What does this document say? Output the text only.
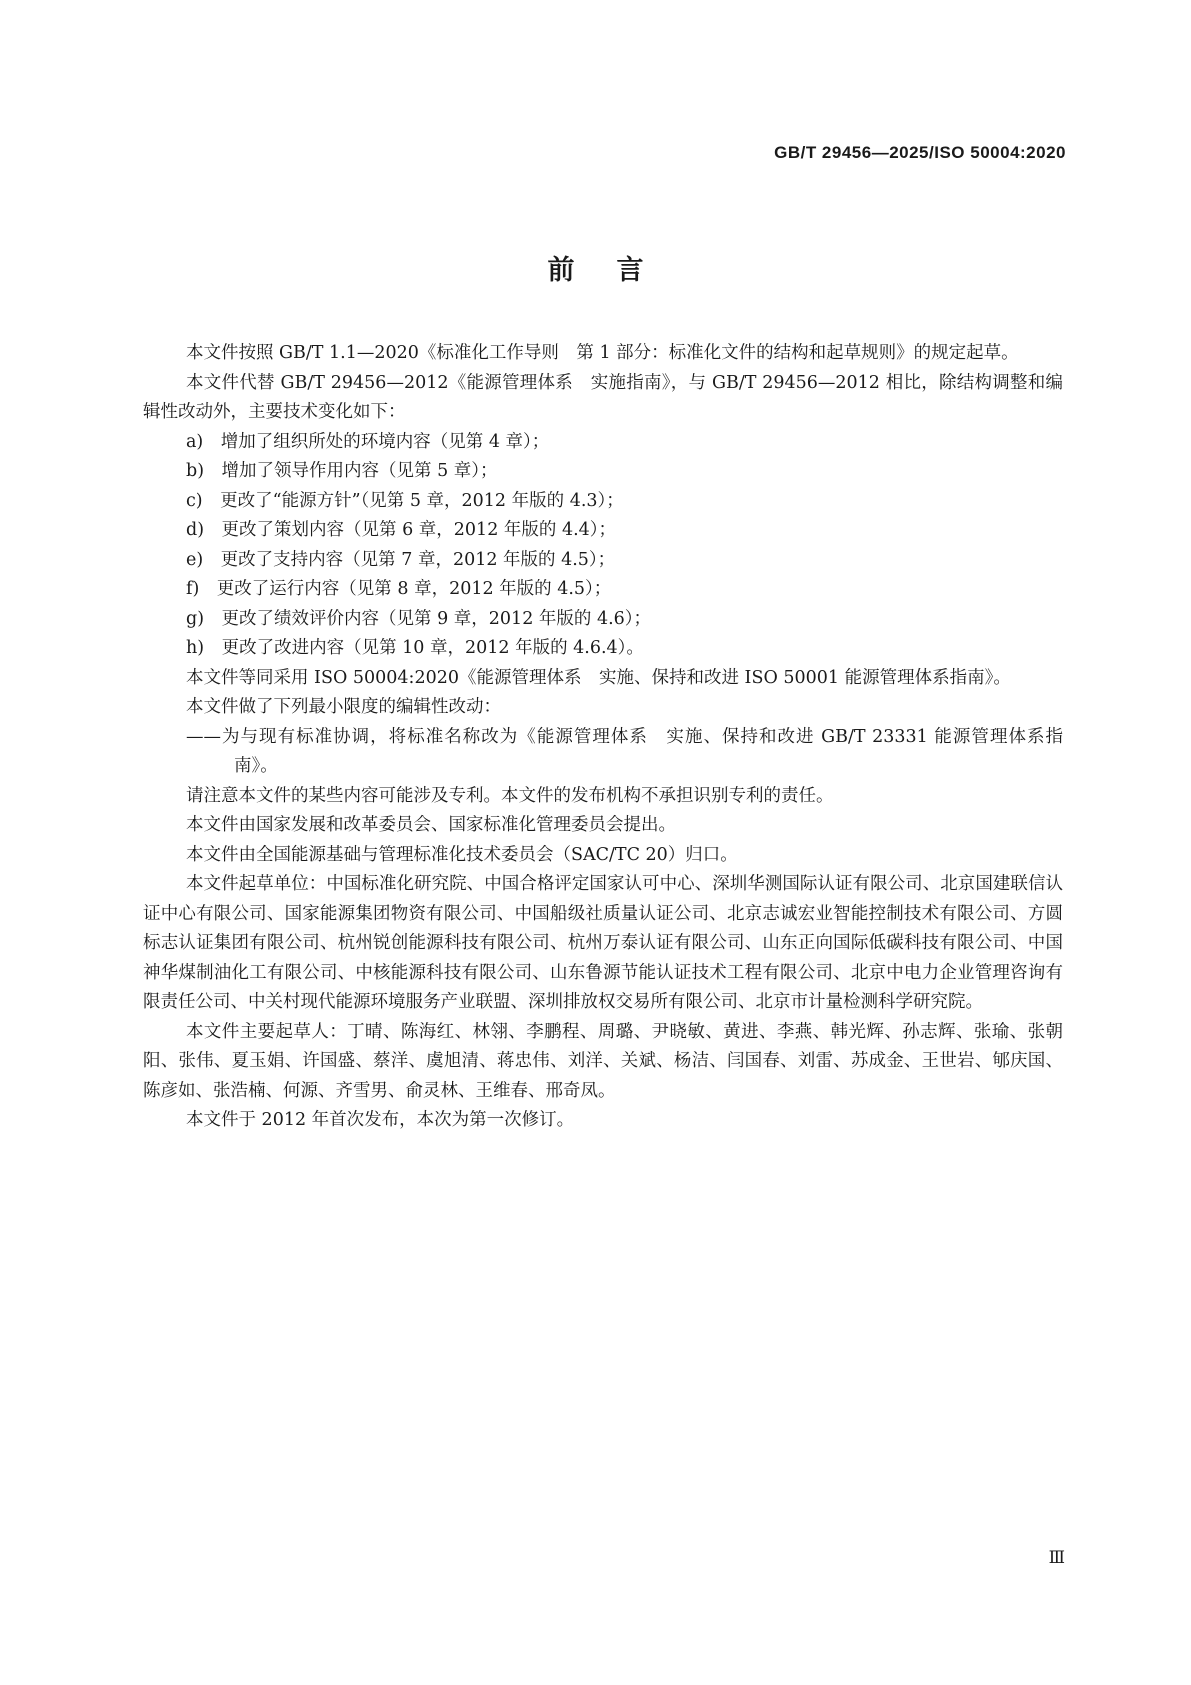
GB/T 29456—2025/ISO 50004:2020
前言

本文件按照 GB/T 1.1—2020《标准化工作导则　第 1 部分：标准化文件的结构和起草规则》的规定起草。

本文件代替 GB/T 29456—2012《能源管理体系　实施指南》，与 GB/T 29456—2012 相比，除结构调整和编辑性改动外，主要技术变化如下：

a)　增加了组织所处的环境内容（见第 4 章）；

b)　增加了领导作用内容（见第 5 章）；

c)　更改了“能源方针”（见第 5 章，2012 年版的 4.3）；

d)　更改了策划内容（见第 6 章，2012 年版的 4.4）；

e)　更改了支持内容（见第 7 章，2012 年版的 4.5）；

f)　更改了运行内容（见第 8 章，2012 年版的 4.5）；

g)　更改了绩效评价内容（见第 9 章，2012 年版的 4.6）；

h)　更改了改进内容（见第 10 章，2012 年版的 4.6.4）。

本文件等同采用 ISO 50004:2020《能源管理体系　实施、保持和改进 ISO 50001 能源管理体系指南》。

本文件做了下列最小限度的编辑性改动：

——为与现有标准协调，将标准名称改为《能源管理体系　实施、保持和改进 GB/T 23331 能源管理体系指南》。

请注意本文件的某些内容可能涉及专利。本文件的发布机构不承担识别专利的责任。

本文件由国家发展和改革委员会、国家标准化管理委员会提出。

本文件由全国能源基础与管理标准化技术委员会（SAC/TC 20）归口。

本文件起草单位：中国标准化研究院、中国合格评定国家认可中心、深圳华测国际认证有限公司、北京国建联信认证中心有限公司、国家能源集团物资有限公司、中国船级社质量认证公司、北京志诚宏业智能控制技术有限公司、方圆标志认证集团有限公司、杭州锐创能源科技有限公司、杭州万泰认证有限公司、山东正向国际低碳科技有限公司、中国神华煤制油化工有限公司、中核能源科技有限公司、山东鲁源节能认证技术工程有限公司、北京中电力企业管理咨询有限责任公司、中关村现代能源环境服务产业联盟、深圳排放权交易所有限公司、北京市计量检测科学研究院。

本文件主要起草人：丁晴、陈海红、林翎、李鹏程、周璐、尹晓敏、黄进、李燕、韩光辉、孙志辉、张瑜、张朝阳、张伟、夏玉娟、许国盛、蔡洋、虞旭清、蒋忠伟、刘洋、关斌、杨洁、闫国春、刘雷、苏成金、王世岩、郇庆国、陈彦如、张浩楠、何源、齐雪男、俞灵林、王维春、邢奇凤。

本文件于 2012 年首次发布，本次为第一次修订。

Ⅲ
